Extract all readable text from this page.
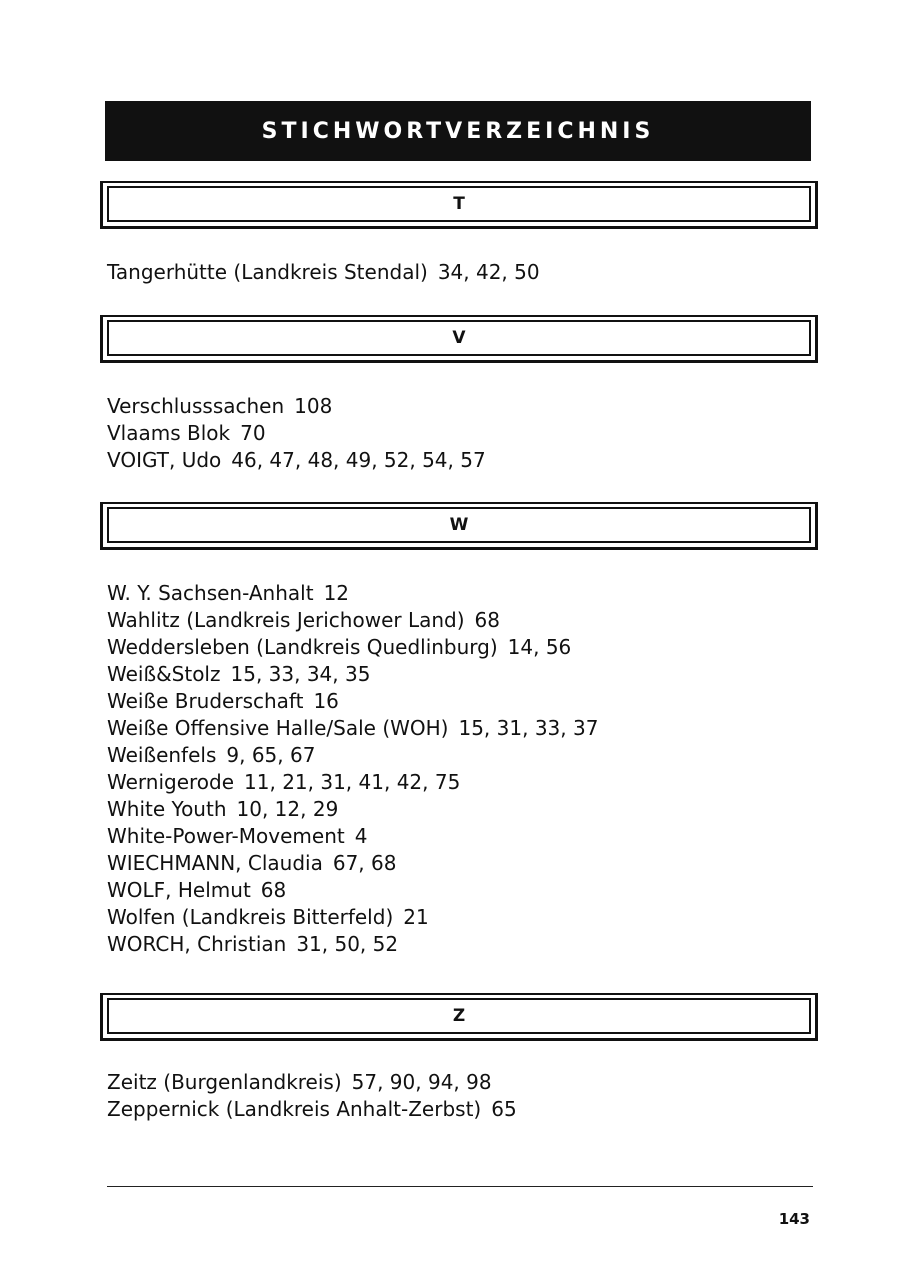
STICHWORTVERZEICHNIS
T
Tangerhütte (Landkreis Stendal) 34, 42, 50
V
Verschlusssachen 108
Vlaams Blok 70
VOIGT, Udo 46, 47, 48, 49, 52, 54, 57
W
W. Y. Sachsen-Anhalt 12
Wahlitz (Landkreis Jerichower Land) 68
Weddersleben (Landkreis Quedlinburg) 14, 56
Weiß&Stolz 15, 33, 34, 35
Weiße Bruderschaft 16
Weiße Offensive Halle/Sale (WOH) 15, 31, 33, 37
Weißenfels 9, 65, 67
Wernigerode 11, 21, 31, 41, 42, 75
White Youth 10, 12, 29
White-Power-Movement 4
WIECHMANN, Claudia 67, 68
WOLF, Helmut 68
Wolfen (Landkreis Bitterfeld) 21
WORCH, Christian 31, 50, 52
Z
Zeitz (Burgenlandkreis) 57, 90, 94, 98
Zeppernick (Landkreis Anhalt-Zerbst) 65
143
